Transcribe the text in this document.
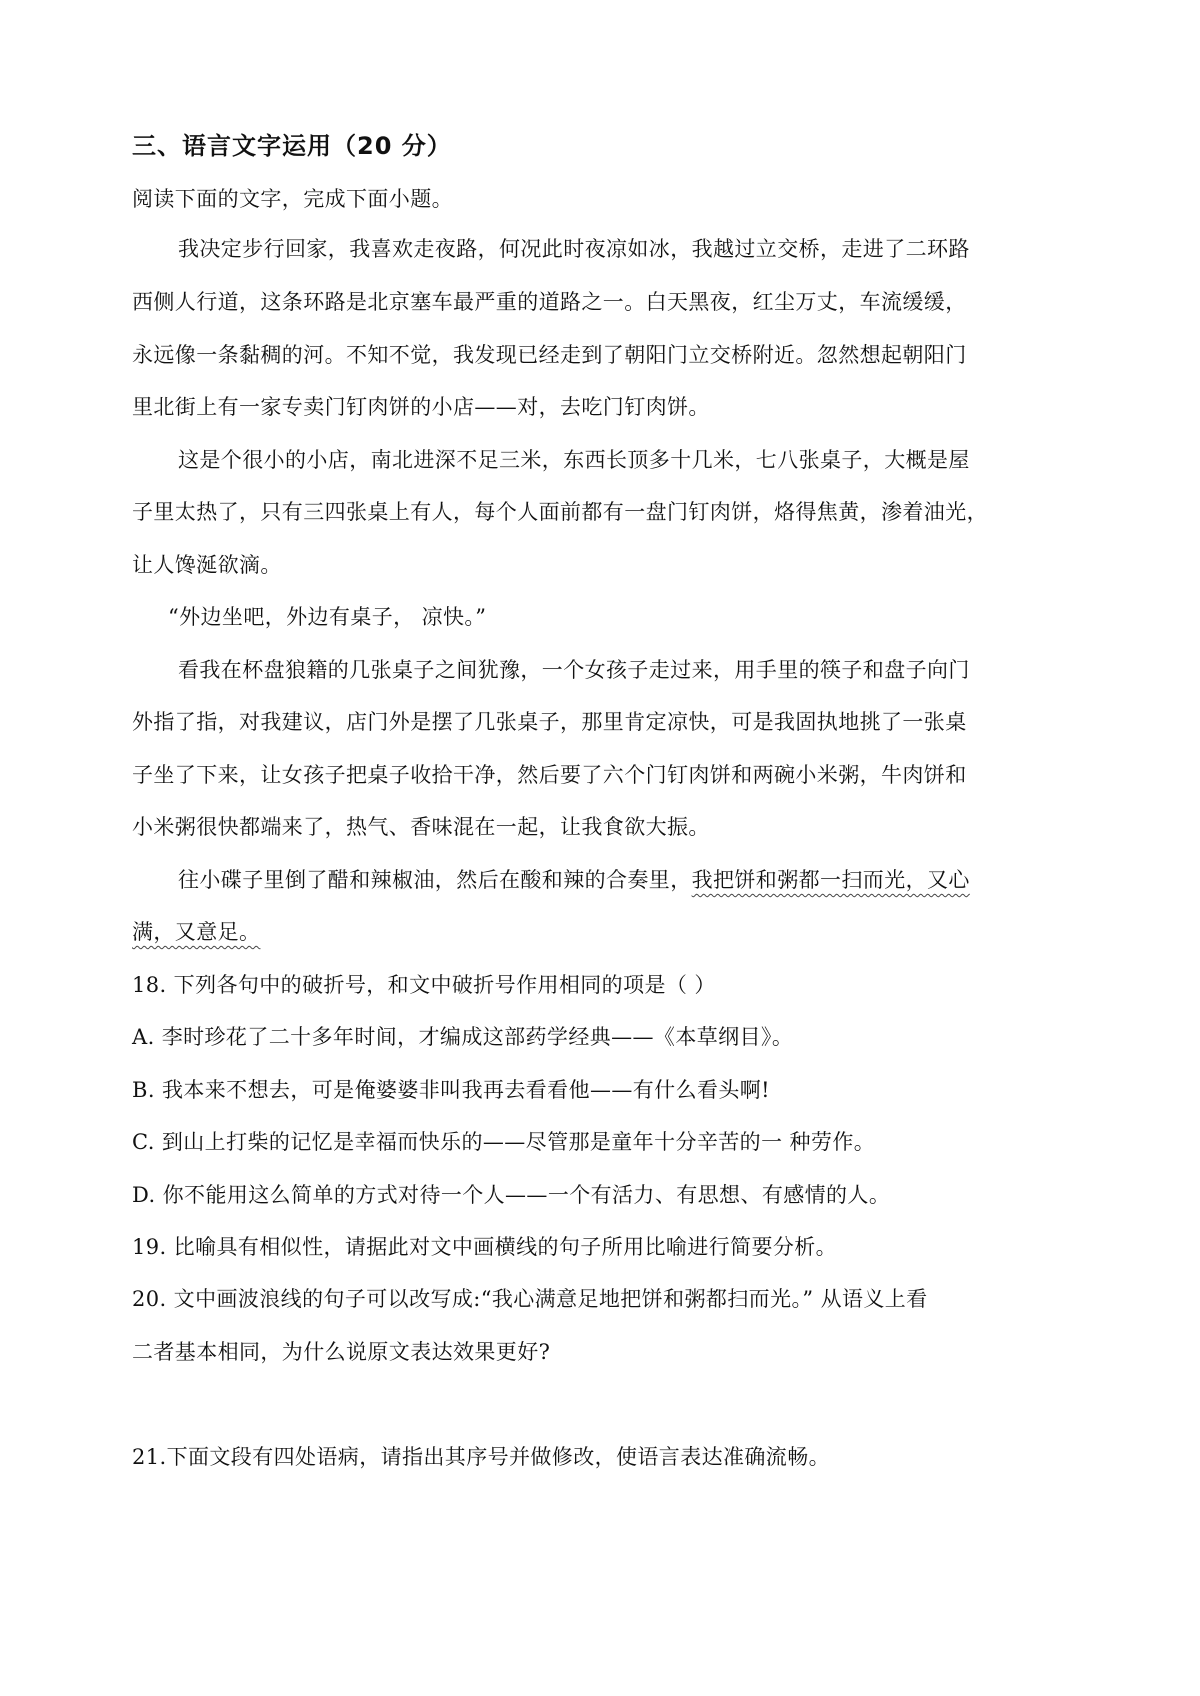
三、语言文字运用（20 分）
阅读下面的文字，完成下面小题。
我决定步行回家，我喜欢走夜路，何况此时夜凉如冰，我越过立交桥，走进了二环路
西侧人行道，这条环路是北京塞车最严重的道路之一。白天黑夜，红尘万丈，车流缓缓，
永远像一条黏稠的河。不知不觉，我发现已经走到了朝阳门立交桥附近。忽然想起朝阳门
里北街上有一家专卖门钉肉饼的小店——对，去吃门钉肉饼。
这是个很小的小店，南北进深不足三米，东西长顶多十几米，七八张桌子，大概是屋
子里太热了，只有三四张桌上有人，每个人面前都有一盘门钉肉饼，烙得焦黄，渗着油光，
让人馋涎欲滴。
“外边坐吧，外边有桌子， 凉快。”
看我在杯盘狼籍的几张桌子之间犹豫，一个女孩子走过来，用手里的筷子和盘子向门
外指了指，对我建议，店门外是摆了几张桌子，那里肯定凉快，可是我固执地挑了一张桌
子坐了下来，让女孩子把桌子收拾干净，然后要了六个门钉肉饼和两碗小米粥，牛肉饼和
小米粥很快都端来了，热气、香味混在一起，让我食欲大振。
往小碟子里倒了醋和辣椒油，然后在酸和辣的合奏里，我把饼和粥都一扫而光，又心
满，又意足。
18. 下列各句中的破折号，和文中破折号作用相同的项是（ ）
A. 李时珍花了二十多年时间，才编成这部药学经典——《本草纲目》。
B. 我本来不想去，可是俺婆婆非叫我再去看看他——有什么看头啊!
C. 到山上打柴的记忆是幸福而快乐的——尽管那是童年十分辛苦的一 种劳作。
D. 你不能用这么简单的方式对待一个人——一个有活力、有思想、有感情的人。
19. 比喻具有相似性，请据此对文中画横线的句子所用比喻进行简要分析。
20. 文中画波浪线的句子可以改写成:“我心满意足地把饼和粥都扫而光。” 从语义上看
二者基本相同，为什么说原文表达效果更好?
21.下面文段有四处语病，请指出其序号并做修改，使语言表达准确流畅。
